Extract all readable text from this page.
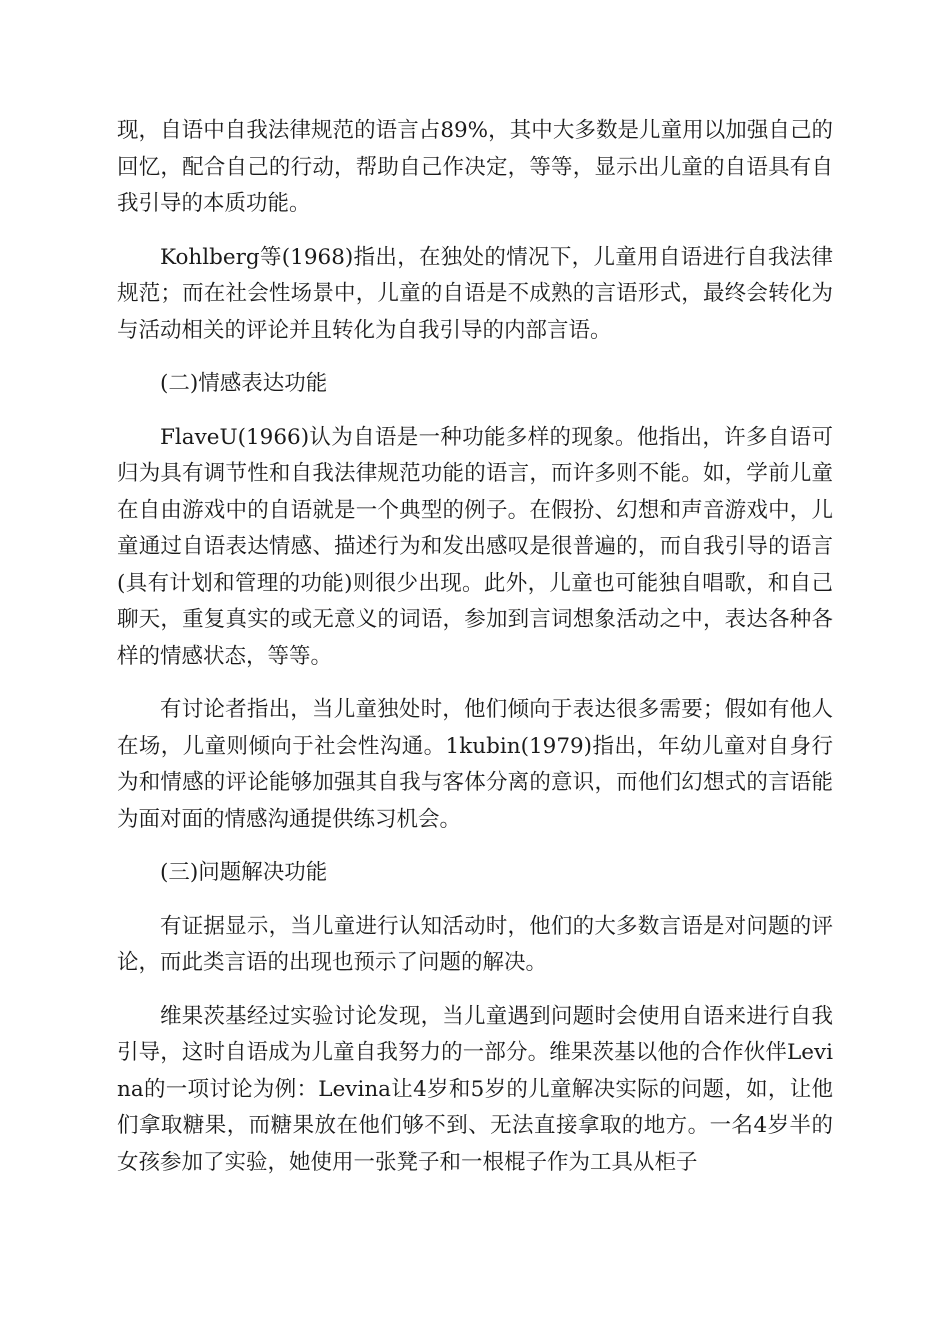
现，自语中自我法律规范的语言占89%，其中大多数是儿童用以加强自己的回忆，配合自己的行动，帮助自己作决定，等等，显示出儿童的自语具有自我引导的本质功能。

Kohlberg等(1968)指出，在独处的情况下，儿童用自语进行自我法律规范；而在社会性场景中，儿童的自语是不成熟的言语形式，最终会转化为与活动相关的评论并且转化为自我引导的内部言语。

(二)情感表达功能

FlaveU(1966)认为自语是一种功能多样的现象。他指出，许多自语可归为具有调节性和自我法律规范功能的语言，而许多则不能。如，学前儿童在自由游戏中的自语就是一个典型的例子。在假扮、幻想和声音游戏中，儿童通过自语表达情感、描述行为和发出感叹是很普遍的，而自我引导的语言(具有计划和管理的功能)则很少出现。此外，儿童也可能独自唱歌，和自己聊天，重复真实的或无意义的词语，参加到言词想象活动之中，表达各种各样的情感状态，等等。

有讨论者指出，当儿童独处时，他们倾向于表达很多需要；假如有他人在场，儿童则倾向于社会性沟通。1kubin(1979)指出，年幼儿童对自身行为和情感的评论能够加强其自我与客体分离的意识，而他们幻想式的言语能为面对面的情感沟通提供练习机会。

(三)问题解决功能

有证据显示，当儿童进行认知活动时，他们的大多数言语是对问题的评论，而此类言语的出现也预示了问题的解决。

维果茨基经过实验讨论发现，当儿童遇到问题时会使用自语来进行自我引导，这时自语成为儿童自我努力的一部分。维果茨基以他的合作伙伴Levina的一项讨论为例：Levina让4岁和5岁的儿童解决实际的问题，如，让他们拿取糖果，而糖果放在他们够不到、无法直接拿取的地方。一名4岁半的女孩参加了实验，她使用一张凳子和一根棍子作为工具从柜子
